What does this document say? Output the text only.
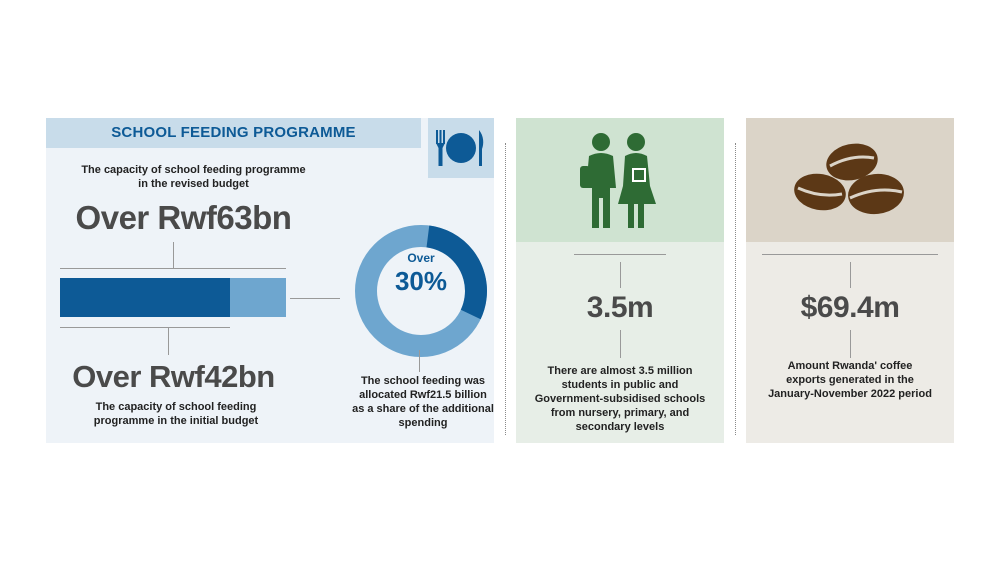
SCHOOL FEEDING PROGRAMME
The capacity of school feeding programme in the revised budget
Over Rwf63bn
Over Rwf42bn
The capacity of school feeding programme in the initial budget
Over
30%
The school feeding was allocated Rwf21.5 billion as a share of the additional spending
3.5m
There are almost 3.5 million students in public and Government-subsidised schools from nursery, primary, and secondary levels
$69.4m
Amount Rwanda' coffee exports generated in the January-November 2022 period
